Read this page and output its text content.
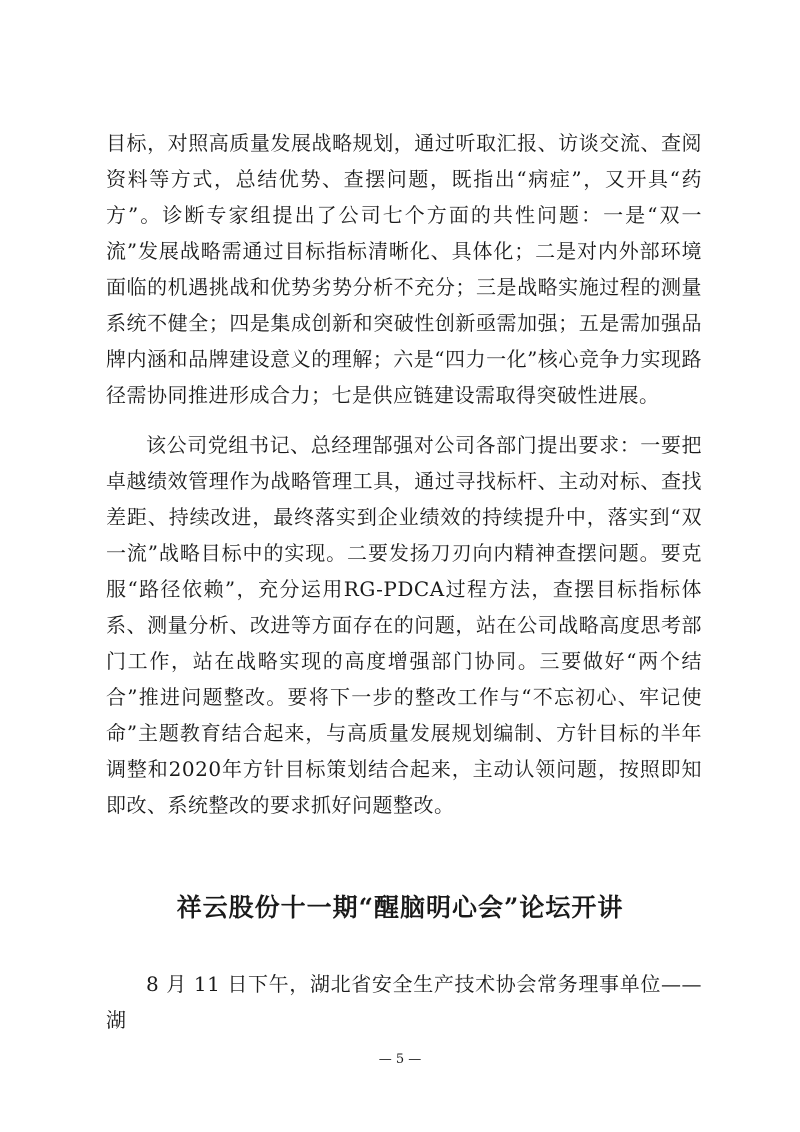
目标，对照高质量发展战略规划，通过听取汇报、访谈交流、查阅资料等方式，总结优势、查摆问题，既指出“病症”，又开具“药方”。诊断专家组提出了公司七个方面的共性问题：一是“双一流”发展战略需通过目标指标清晰化、具体化；二是对内外部环境面临的机遇挑战和优势劣势分析不充分；三是战略实施过程的测量系统不健全；四是集成创新和突破性创新亟需加强；五是需加强品牌内涵和品牌建设意义的理解；六是“四力一化”核心竞争力实现路径需协同推进形成合力；七是供应链建设需取得突破性进展。

该公司党组书记、总经理郜强对公司各部门提出要求：一要把卓越绩效管理作为战略管理工具，通过寻找标杆、主动对标、查找差距、持续改进，最终落实到企业绩效的持续提升中，落实到“双一流”战略目标中的实现。二要发扬刀刃向内精神查摆问题。要克服“路径依赖”，充分运用RG-PDCA过程方法，查摆目标指标体系、测量分析、改进等方面存在的问题，站在公司战略高度思考部门工作，站在战略实现的高度增强部门协同。三要做好“两个结合”推进问题整改。要将下一步的整改工作与“不忘初心、牢记使命”主题教育结合起来，与高质量发展规划编制、方针目标的半年调整和2020年方针目标策划结合起来，主动认领问题，按照即知即改、系统整改的要求抓好问题整改。

祥云股份十一期“醒脑明心会”论坛开讲

8 月 11 日下午，湖北省安全生产技术协会常务理事单位——湖

— 5 —
